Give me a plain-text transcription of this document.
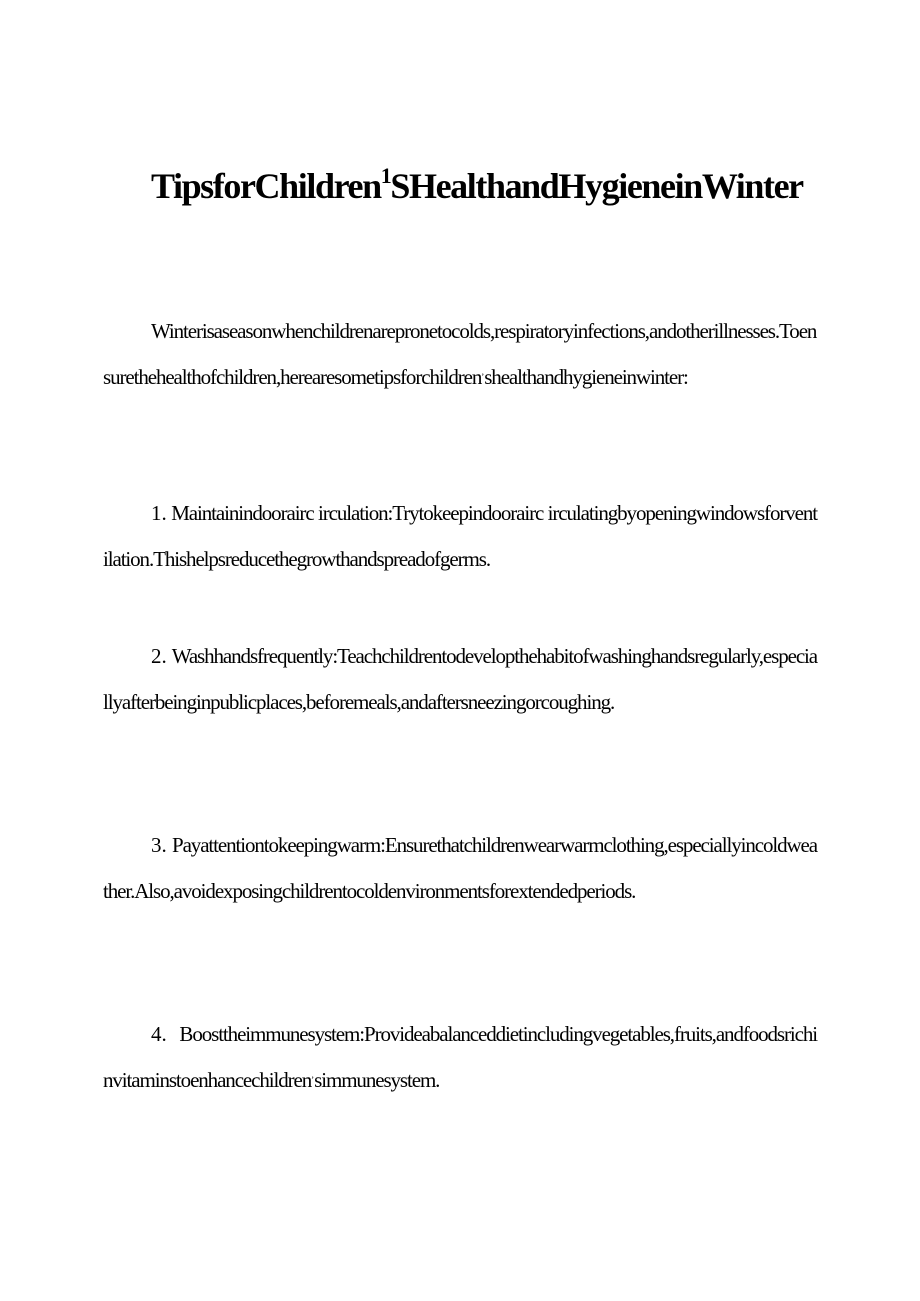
TipsforChildren$^1$SHealthandHygieneinWinter

Winterisaseasonwhenchildrenarepronetocolds,respiratoryinfections,andotherillnesses.Toensurethehealthofchildren,herearesometipsforchildren’shealthandhygieneinwinter:

1. Maintainindoorairc irculation:Trytokeepindoorairc irculatingbyopeningwindowsforventilation.Thishelpsreducethegrowthandspreadofgerms.

2. Washhandsfrequently:Teachchildrentodevelopthehabitofwashinghandsregularly,especiallyafterbeinginpublicplaces,beforemeals,andaftersneezingorcoughing.

3. Payattentiontokeepingwarm:Ensurethatchildrenwearwarmclothing,especiallyincoldweather.Also,avoidexposingchildrentocoldenvironmentsforextendedperiods.

4. Boosttheimmunesystem:Provideabalanceddietincludingvegetables,fruits,andfoodsrichinvitaminstoenhancechildren’simmunesystem.
